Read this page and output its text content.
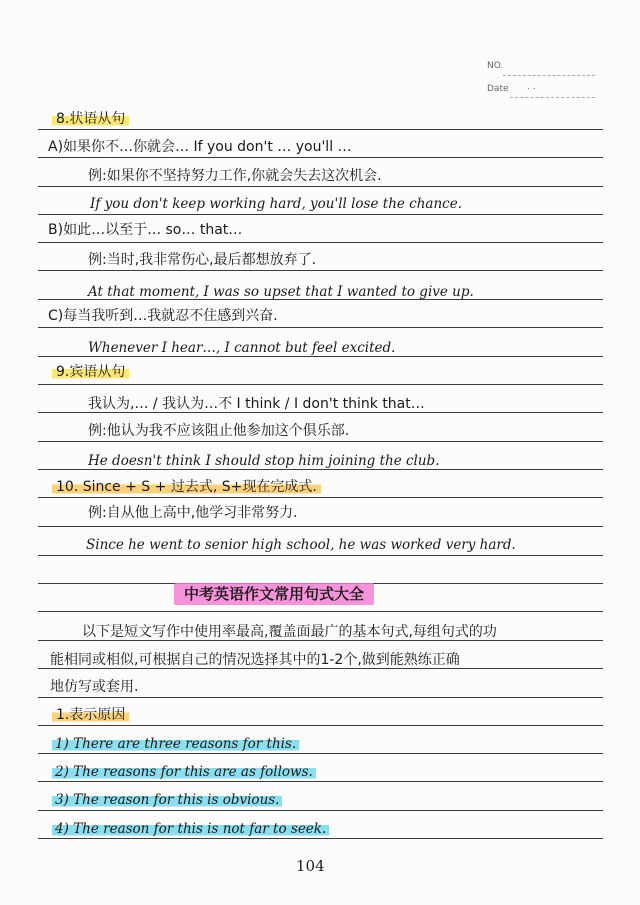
NO.
Date . .
8.状语从句
A)如果你不…你就会… If you don't … you'll …
例:如果你不坚持努力工作,你就会失去这次机会.
If you don't keep working hard, you'll lose the chance.
B)如此…以至于… so… that…
例:当时,我非常伤心,最后都想放弃了.
At that moment, I was so upset that I wanted to give up.
C)每当我听到…我就忍不住感到兴奋.
Whenever I hear…, I cannot but feel excited.
9.宾语从句
我认为,… / 我认为…不 I think / I don't think that…
例:他认为我不应该阻止他参加这个俱乐部.
He doesn't think I should stop him joining the club.
10. Since + S + 过去式, S+现在完成式.
例:自从他上高中,他学习非常努力.
Since he went to senior high school, he was worked very hard.
中考英语作文常用句式大全
以下是短文写作中使用率最高,覆盖面最广的基本句式,每组句式的功
能相同或相似,可根据自己的情况选择其中的1-2个,做到能熟练正确
地仿写或套用.
1.表示原因
1) There are three reasons for this.
2) The reasons for this are as follows.
3) The reason for this is obvious.
4) The reason for this is not far to seek.
104
